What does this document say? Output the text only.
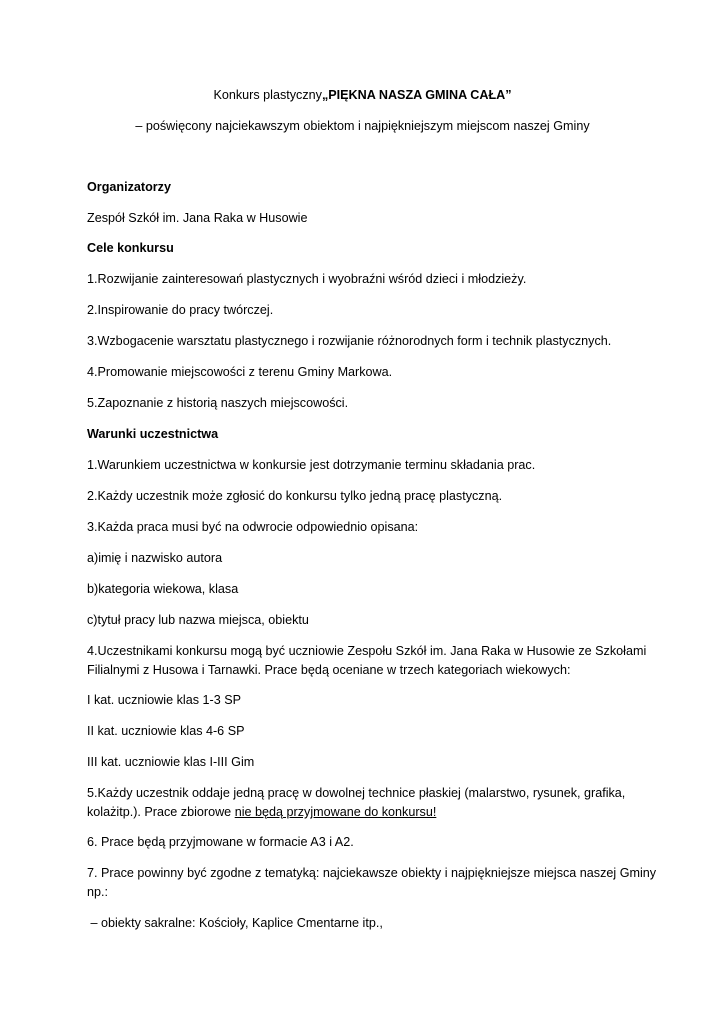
Konkurs plastyczny„PIĘKNA NASZA GMINA CAŁA”
– poświęcony najciekawszym obiektom i najpiękniejszym miejscom naszej Gminy
Organizatorzy
Zespół Szkół im. Jana Raka w Husowie
Cele konkursu
1.Rozwijanie zainteresowań plastycznych i wyobraźni wśród dzieci i młodzieży.
2.Inspirowanie do pracy twórczej.
3.Wzbogacenie warsztatu plastycznego i rozwijanie różnorodnych form i technik plastycznych.
4.Promowanie miejscowości z terenu Gminy Markowa.
5.Zapoznanie z historią naszych miejscowości.
Warunki uczestnictwa
1.Warunkiem uczestnictwa w konkursie jest dotrzymanie terminu składania prac.
2.Każdy uczestnik może zgłosić do konkursu tylko jedną pracę plastyczną.
3.Każda praca musi być na odwrocie odpowiednio opisana:
a)imię i nazwisko autora
b)kategoria wiekowa, klasa
c)tytuł pracy lub nazwa miejsca, obiektu
4.Uczestnikami konkursu mogą być uczniowie Zespołu Szkół im. Jana Raka w Husowie ze Szkołami
Filialnymi z Husowa i Tarnawki. Prace będą oceniane w trzech kategoriach wiekowych:
I kat. uczniowie klas 1-3 SP
II kat. uczniowie klas 4-6 SP
III kat. uczniowie klas I-III Gim
5.Każdy uczestnik oddaje jedną pracę w dowolnej technice płaskiej (malarstwo, rysunek, grafika,
kolażitp.). Prace zbiorowe nie będą przyjmowane do konkursu!
6. Prace będą przyjmowane w formacie A3 i A2.
7. Prace powinny być zgodne z tematyką: najciekawsze obiekty i najpiękniejsze miejsca naszej Gminy
np.:
– obiekty sakralne: Kościoły, Kaplice Cmentarne itp.,
